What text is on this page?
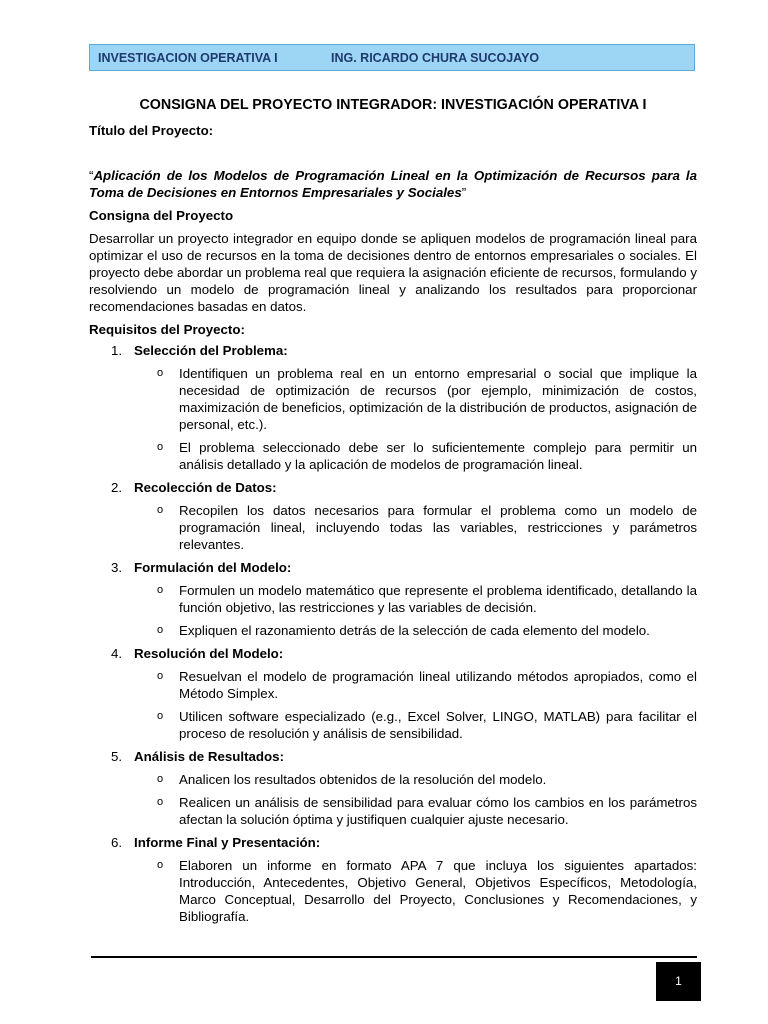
INVESTIGACION OPERATIVA I	ING. RICARDO CHURA SUCOJAYO
CONSIGNA DEL PROYECTO INTEGRADOR: INVESTIGACIÓN OPERATIVA I
Título del Proyecto:
“Aplicación de los Modelos de Programación Lineal en la Optimización de Recursos para la Toma de Decisiones en Entornos Empresariales y Sociales”
Consigna del Proyecto

Desarrollar un proyecto integrador en equipo donde se apliquen modelos de programación lineal para optimizar el uso de recursos en la toma de decisiones dentro de entornos empresariales o sociales. El proyecto debe abordar un problema real que requiera la asignación eficiente de recursos, formulando y resolviendo un modelo de programación lineal y analizando los resultados para proporcionar recomendaciones basadas en datos.

Requisitos del Proyecto:
1. Selección del Problema:
o Identifiquen un problema real en un entorno empresarial o social que implique la necesidad de optimización de recursos (por ejemplo, minimización de costos, maximización de beneficios, optimización de la distribución de productos, asignación de personal, etc.).
o El problema seleccionado debe ser lo suficientemente complejo para permitir un análisis detallado y la aplicación de modelos de programación lineal.
2. Recolección de Datos:
o Recopilen los datos necesarios para formular el problema como un modelo de programación lineal, incluyendo todas las variables, restricciones y parámetros relevantes.
3. Formulación del Modelo:
o Formulen un modelo matemático que represente el problema identificado, detallando la función objetivo, las restricciones y las variables de decisión.
o Expliquen el razonamiento detrás de la selección de cada elemento del modelo.
4. Resolución del Modelo:
o Resuelvan el modelo de programación lineal utilizando métodos apropiados, como el Método Simplex.
o Utilicen software especializado (e.g., Excel Solver, LINGO, MATLAB) para facilitar el proceso de resolución y análisis de sensibilidad.
5. Análisis de Resultados:
o Analicen los resultados obtenidos de la resolución del modelo.
o Realicen un análisis de sensibilidad para evaluar cómo los cambios en los parámetros afectan la solución óptima y justifiquen cualquier ajuste necesario.
6. Informe Final y Presentación:
o Elaboren un informe en formato APA 7 que incluya los siguientes apartados: Introducción, Antecedentes, Objetivo General, Objetivos Específicos, Metodología, Marco Conceptual, Desarrollo del Proyecto, Conclusiones y Recomendaciones, y Bibliografía.
1
